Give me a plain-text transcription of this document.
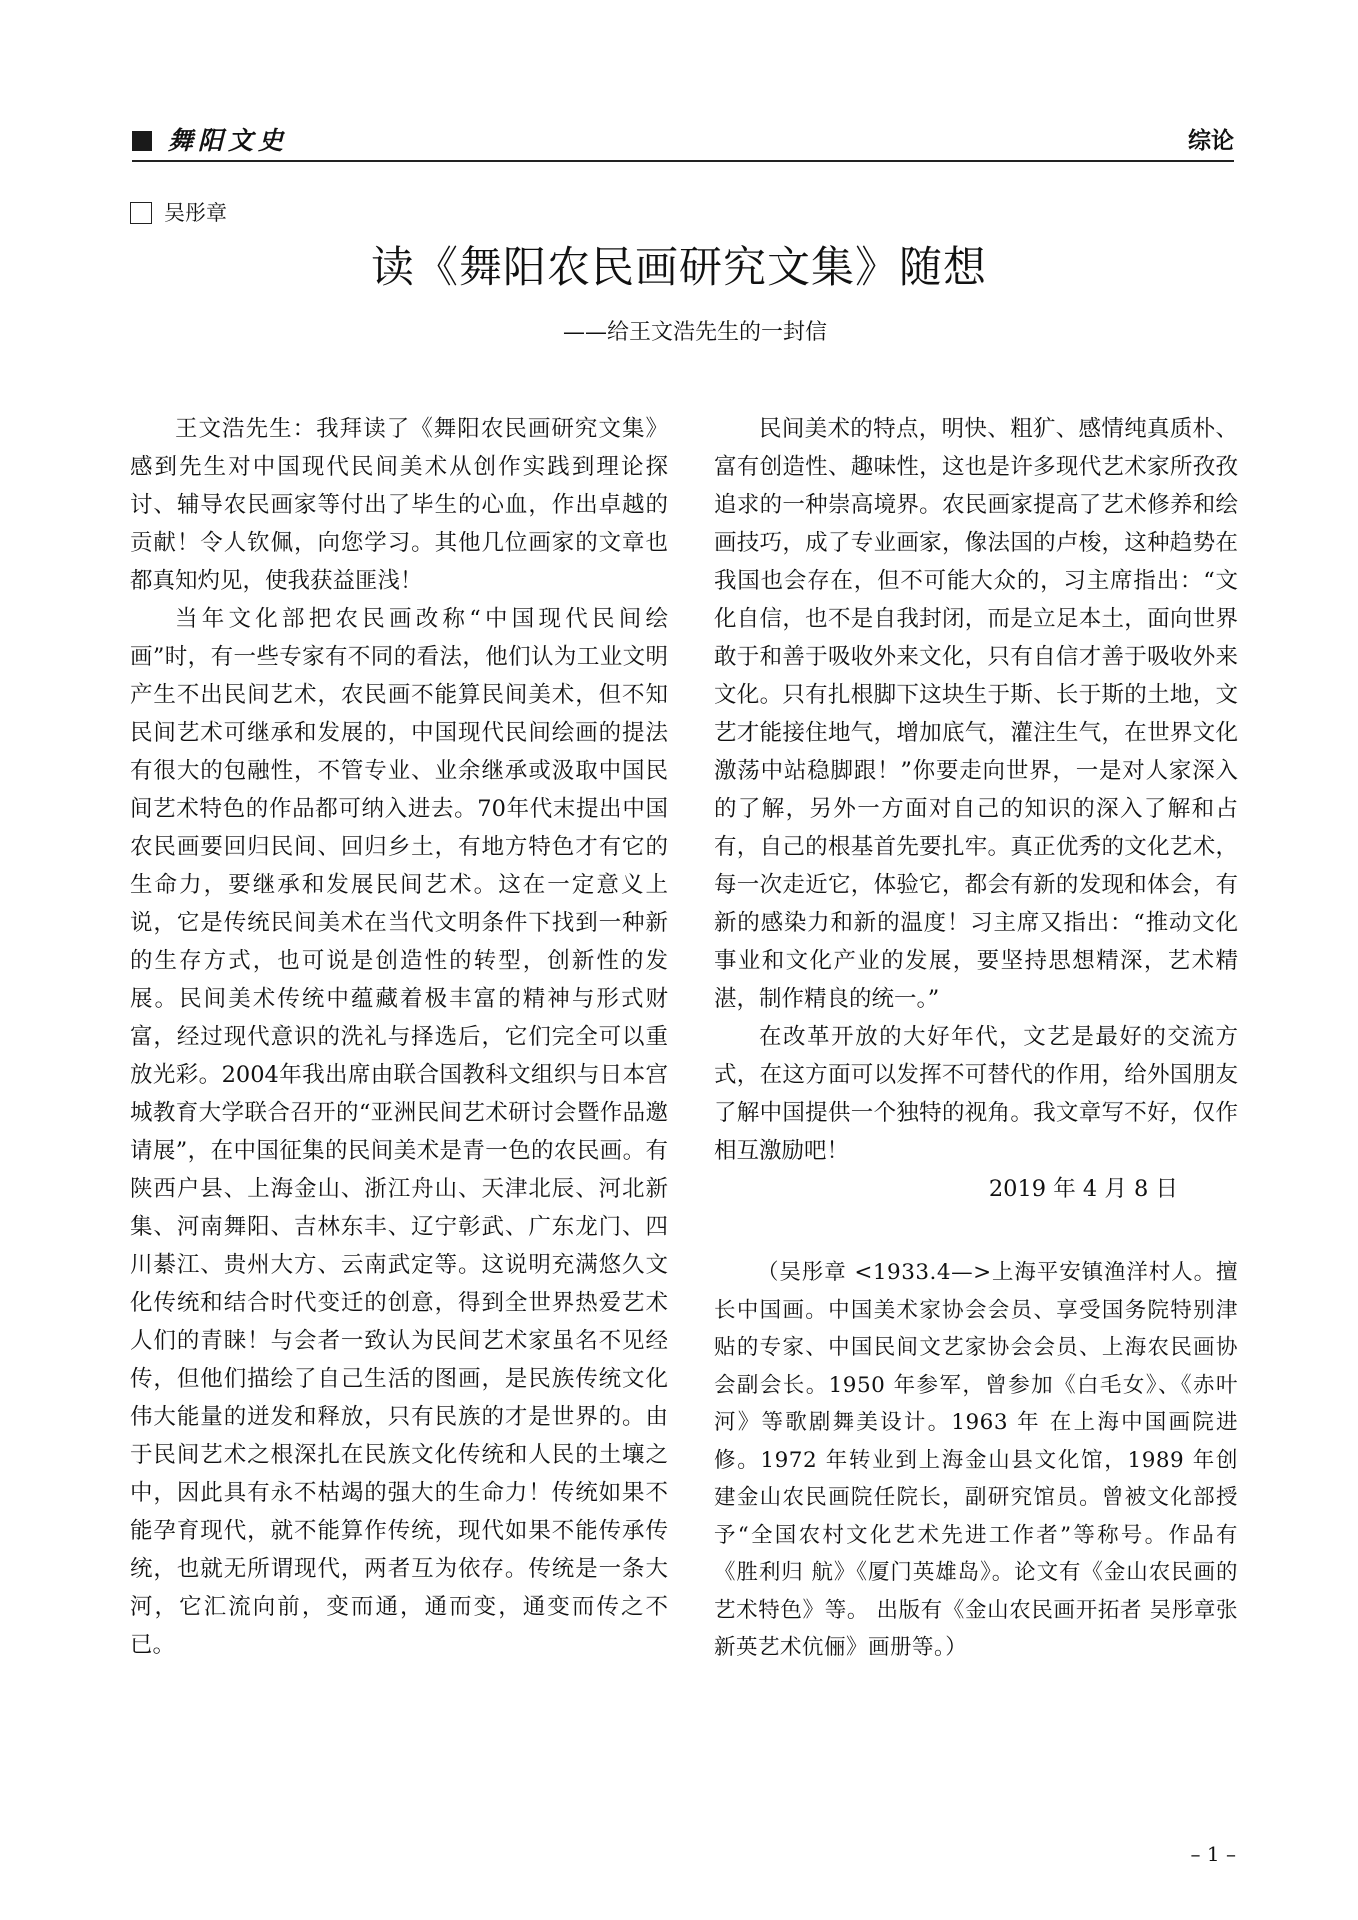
舞阳文史	综论
吴彤章
读《舞阳农民画研究文集》随想
——给王文浩先生的一封信

王文浩先生：我拜读了《舞阳农民画研究文集》感到先生对中国现代民间美术从创作实践到理论探讨、辅导农民画家等付出了毕生的心血，作出卓越的贡献！令人钦佩，向您学习。其他几位画家的文章也都真知灼见，使我获益匪浅！

当年文化部把农民画改称“中国现代民间绘画”时，有一些专家有不同的看法，他们认为工业文明产生不出民间艺术，农民画不能算民间美术，但不知民间艺术可继承和发展的，中国现代民间绘画的提法有很大的包融性，不管专业、业余继承或汲取中国民间艺术特色的作品都可纳入进去。70年代末提出中国农民画要回归民间、回归乡土，有地方特色才有它的生命力，要继承和发展民间艺术。这在一定意义上说，它是传统民间美术在当代文明条件下找到一种新的生存方式，也可说是创造性的转型，创新性的发展。民间美术传统中蕴藏着极丰富的精神与形式财富，经过现代意识的洗礼与择选后，它们完全可以重放光彩。2004年我出席由联合国教科文组织与日本宫城教育大学联合召开的“亚洲民间艺术研讨会暨作品邀请展”，在中国征集的民间美术是青一色的农民画。有陕西户县、上海金山、浙江舟山、天津北辰、河北新集、河南舞阳、吉林东丰、辽宁彰武、广东龙门、四川綦江、贵州大方、云南武定等。这说明充满悠久文化传统和结合时代变迁的创意，得到全世界热爱艺术人们的青睐！与会者一致认为民间艺术家虽名不见经传，但他们描绘了自己生活的图画，是民族传统文化伟大能量的迸发和释放，只有民族的才是世界的。由于民间艺术之根深扎在民族文化传统和人民的土壤之中，因此具有永不枯竭的强大的生命力！传统如果不能孕育现代，就不能算作传统，现代如果不能传承传统，也就无所谓现代，两者互为依存。传统是一条大河，它汇流向前，变而通，通而变，通变而传之不已。

民间美术的特点，明快、粗犷、感情纯真质朴、富有创造性、趣味性，这也是许多现代艺术家所孜孜追求的一种崇高境界。农民画家提高了艺术修养和绘画技巧，成了专业画家，像法国的卢梭，这种趋势在我国也会存在，但不可能大众的，习主席指出：“文化自信，也不是自我封闭，而是立足本土，面向世界敢于和善于吸收外来文化，只有自信才善于吸收外来文化。只有扎根脚下这块生于斯、长于斯的土地，文艺才能接住地气，增加底气，灌注生气，在世界文化激荡中站稳脚跟！”你要走向世界，一是对人家深入的了解，另外一方面对自己的知识的深入了解和占有，自己的根基首先要扎牢。真正优秀的文化艺术，每一次走近它，体验它，都会有新的发现和体会，有新的感染力和新的温度！习主席又指出：“推动文化事业和文化产业的发展，要坚持思想精深，艺术精湛，制作精良的统一。”

在改革开放的大好年代，文艺是最好的交流方式，在这方面可以发挥不可替代的作用，给外国朋友了解中国提供一个独特的视角。我文章写不好，仅作相互激励吧！

2019 年 4 月 8 日

（吴彤章 <1933.4—>上海平安镇渔洋村人。擅长中国画。中国美术家协会会员、享受国务院特别津贴的专家、中国民间文艺家协会会员、上海农民画协会副会长。1950 年参军，曾参加《白毛女》、《赤叶河》等歌剧舞美设计。1963 年 在上海中国画院进修。1972 年转业到上海金山县文化馆，1989 年创建金山农民画院任院长，副研究馆员。曾被文化部授予“全国农村文化艺术先进工作者”等称号。作品有《胜利归 航》《厦门英雄岛》。论文有《金山农民画的艺术特色》等。 出版有《金山农民画开拓者 吴彤章张新英艺术伉俪》画册等。）

– 1 –
